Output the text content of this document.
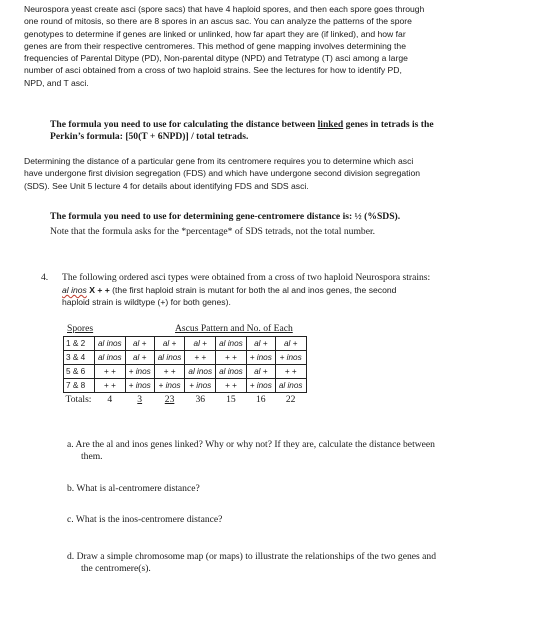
Neurospora yeast create asci (spore sacs) that have 4 haploid spores, and then each spore goes through
one round of mitosis, so there are 8 spores in an ascus sac. You can analyze the patterns of the spore
genotypes to determine if genes are linked or unlinked, how far apart they are (if linked), and how far
genes are from their respective centromeres. This method of gene mapping involves determining the
frequencies of Parental Ditype (PD), Non-parental ditype (NPD) and Tetratype (T) asci among a large
number of asci obtained from a cross of two haploid strains. See the lectures for how to identify PD,
NPD, and T asci.
The formula you need to use for calculating the distance between linked genes in tetrads is the
Perkin’s formula: [50(T + 6NPD)] / total tetrads.
Determining the distance of a particular gene from its centromere requires you to determine which asci
have undergone first division segregation (FDS) and which have undergone second division segregation
(SDS). See Unit 5 lecture 4 for details about identifying FDS and SDS asci.
The formula you need to use for determining gene-centromere distance is: ½ (%SDS).
Note that the formula asks for the *percentage* of SDS tetrads, not the total number.
4. The following ordered asci types were obtained from a cross of two haploid Neurospora strains:
al inos X + + (the first haploid strain is mutant for both the al and inos genes, the second
haploid strain is wildtype (+) for both genes).
Spores	Ascus Pattern and No. of Each
1 & 2	al inos	al +	al +	al +	al inos	al +	al +
3 & 4	al inos	al +	al inos	+ +	+ +	+ inos	+ inos
5 & 6	+ +	+ inos	+ +	al inos	al inos	al +	+ +
7 & 8	+ +	+ inos	+ inos	+ inos	+ +	+ inos	al inos
Totals:	4	3	23	36	15	16	22
a. Are the al and inos genes linked? Why or why not? If they are, calculate the distance between
them.
b. What is al-centromere distance?
c. What is the inos-centromere distance?
d. Draw a simple chromosome map (or maps) to illustrate the relationships of the two genes and
the centromere(s).
